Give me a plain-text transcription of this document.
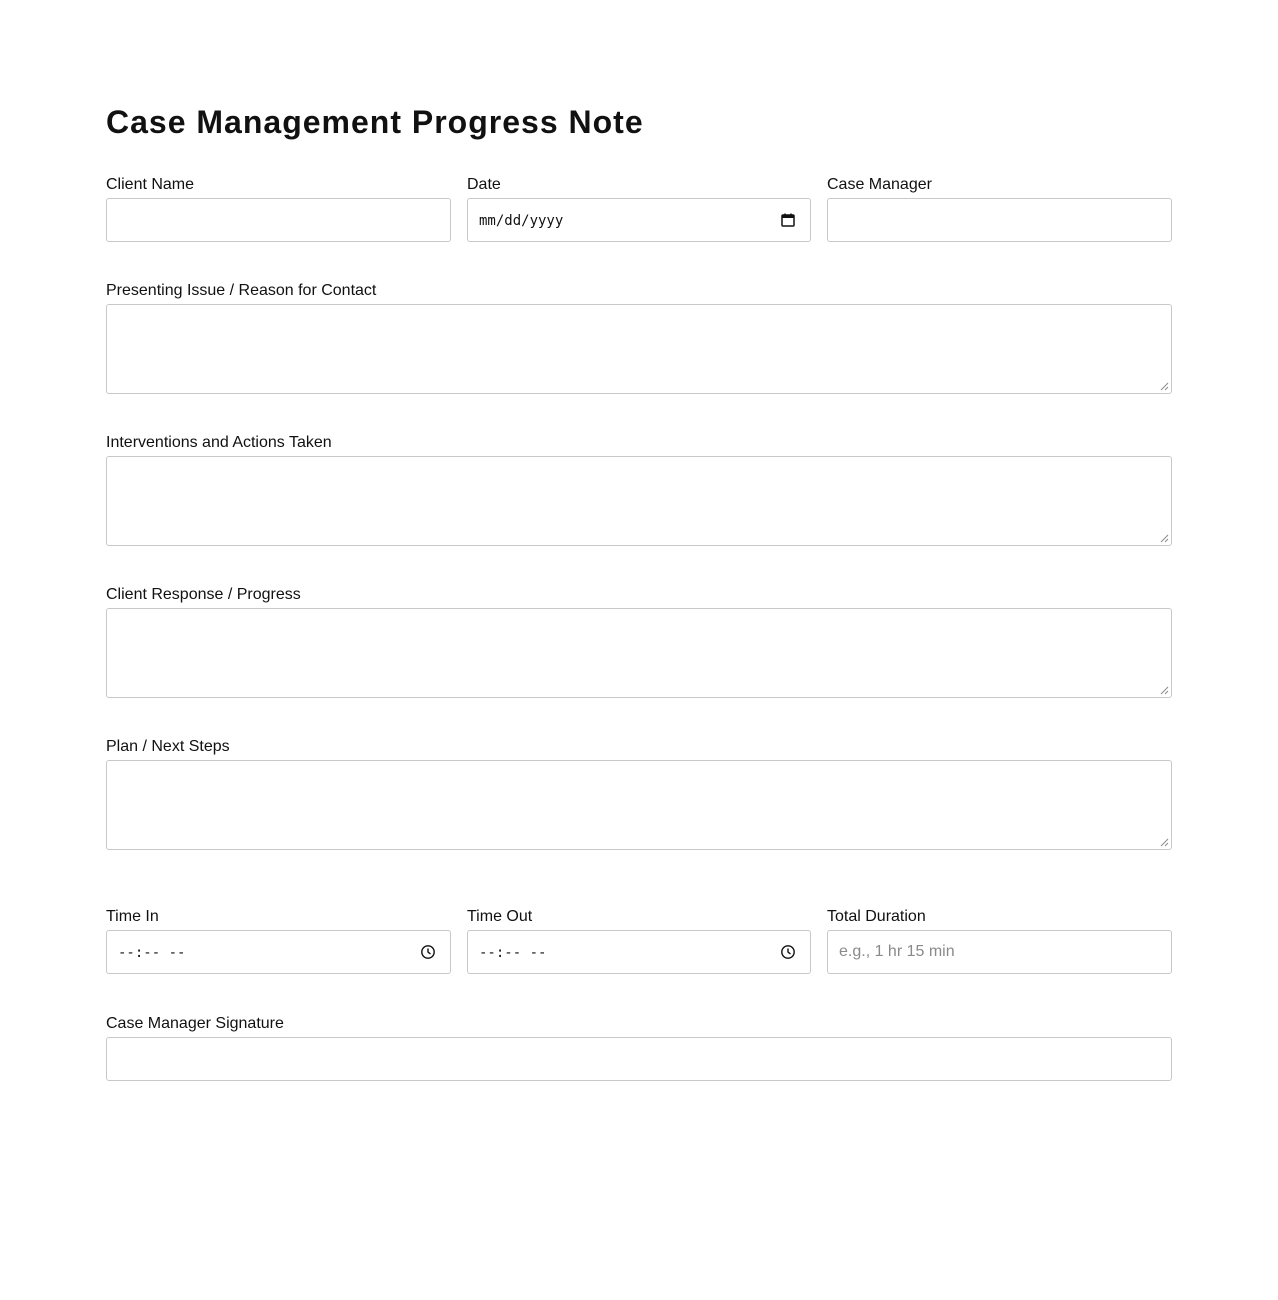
Case Management Progress Note
Client Name	Date
mm/dd/yyyy
Case Manager
Presenting Issue / Reason for Contact
Interventions and Actions Taken
Client Response / Progress
Plan / Next Steps
Time In
--:-- --
Time Out
--:-- --
Total Duration
e.g., 1 hr 15 min
Case Manager Signature
